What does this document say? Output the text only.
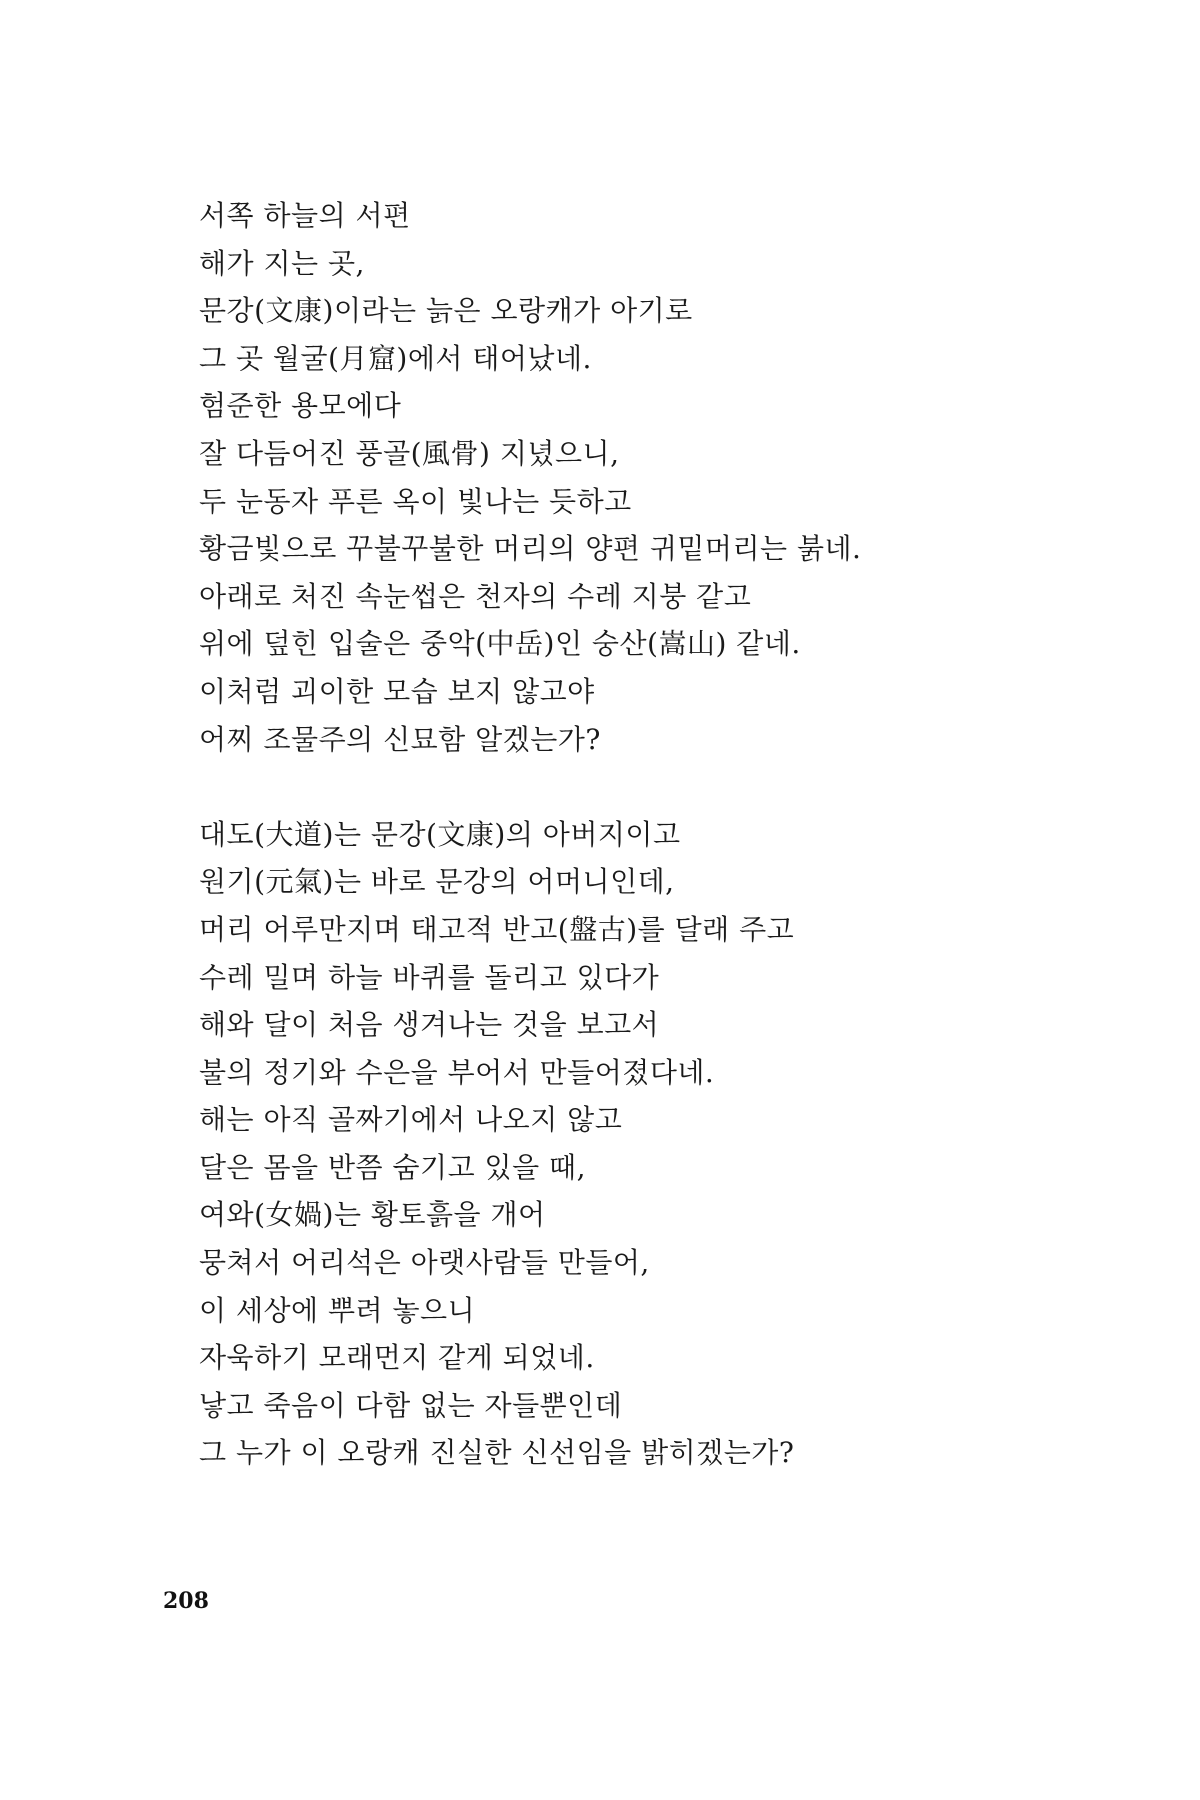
서쪽 하늘의 서편
해가 지는 곳,
문강(文康)이라는 늙은 오랑캐가 아기로
그 곳 월굴(月窟)에서 태어났네.
험준한 용모에다
잘 다듬어진 풍골(風骨) 지녔으니,
두 눈동자 푸른 옥이 빛나는 듯하고
황금빛으로 꾸불꾸불한 머리의 양편 귀밑머리는 붉네.
아래로 처진 속눈썹은 천자의 수레 지붕 같고
위에 덮힌 입술은 중악(中岳)인 숭산(嵩山) 같네.
이처럼 괴이한 모습 보지 않고야
어찌 조물주의 신묘함 알겠는가?
대도(大道)는 문강(文康)의 아버지이고
원기(元氣)는 바로 문강의 어머니인데,
머리 어루만지며 태고적 반고(盤古)를 달래 주고
수레 밀며 하늘 바퀴를 돌리고 있다가
해와 달이 처음 생겨나는 것을 보고서
불의 정기와 수은을 부어서 만들어졌다네.
해는 아직 골짜기에서 나오지 않고
달은 몸을 반쯤 숨기고 있을 때,
여와(女媧)는 황토흙을 개어
뭉쳐서 어리석은 아랫사람들 만들어,
이 세상에 뿌려 놓으니
자욱하기 모래먼지 같게 되었네.
낳고 죽음이 다함 없는 자들뿐인데
그 누가 이 오랑캐 진실한 신선임을 밝히겠는가?
208
